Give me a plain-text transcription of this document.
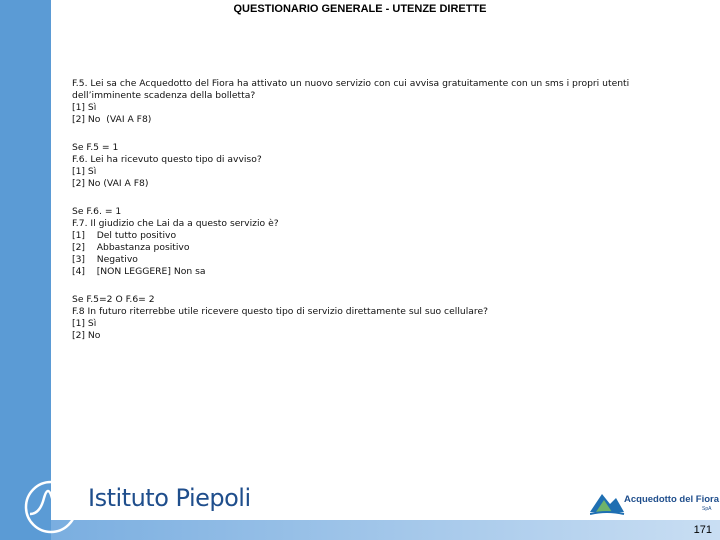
QUESTIONARIO GENERALE - UTENZE DIRETTE
F.5. Lei sa che Acquedotto del Fiora ha attivato un nuovo servizio con cui avvisa gratuitamente con un sms i propri utenti dell’imminente scadenza della bolletta?
[1] Sì
[2] No  (VAI A F8)
Se F.5 = 1
F.6. Lei ha ricevuto questo tipo di avviso?
[1] Sì
[2] No (VAI A F8)
Se F.6. = 1
F.7. Il giudizio che Lai da a questo servizio è?
[1]    Del tutto positivo
[2]    Abbastanza positivo
[3]    Negativo
[4]    [NON LEGGERE] Non sa
Se F.5=2 O F.6= 2
F.8 In futuro riterrebbe utile ricevere questo tipo di servizio direttamente sul suo cellulare?
[1] Sì
[2] No
Istituto Piepoli	Acquedotto del Fiora
SpA
171
